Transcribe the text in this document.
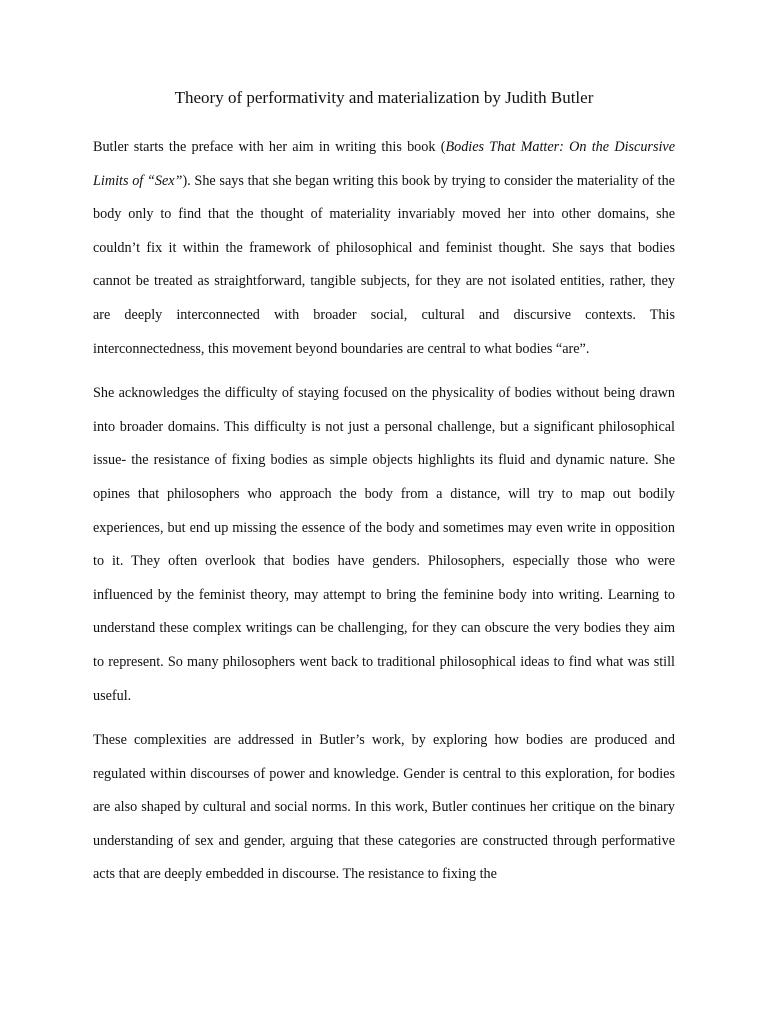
Theory of performativity and materialization by Judith Butler

Butler starts the preface with her aim in writing this book (Bodies That Matter: On the Discursive Limits of “Sex”). She says that she began writing this book by trying to consider the materiality of the body only to find that the thought of materiality invariably moved her into other domains, she couldn’t fix it within the framework of philosophical and feminist thought. She says that bodies cannot be treated as straightforward, tangible subjects, for they are not isolated entities, rather, they are deeply interconnected with broader social, cultural and discursive contexts. This interconnectedness, this movement beyond boundaries are central to what bodies “are”.

She acknowledges the difficulty of staying focused on the physicality of bodies without being drawn into broader domains. This difficulty is not just a personal challenge, but a significant philosophical issue- the resistance of fixing bodies as simple objects highlights its fluid and dynamic nature. She opines that philosophers who approach the body from a distance, will try to map out bodily experiences, but end up missing the essence of the body and sometimes may even write in opposition to it. They often overlook that bodies have genders. Philosophers, especially those who were influenced by the feminist theory, may attempt to bring the feminine body into writing. Learning to understand these complex writings can be challenging, for they can obscure the very bodies they aim to represent. So many philosophers went back to traditional philosophical ideas to find what was still useful.

These complexities are addressed in Butler’s work, by exploring how bodies are produced and regulated within discourses of power and knowledge. Gender is central to this exploration, for bodies are also shaped by cultural and social norms. In this work, Butler continues her critique on the binary understanding of sex and gender, arguing that these categories are constructed through performative acts that are deeply embedded in discourse. The resistance to fixing the
